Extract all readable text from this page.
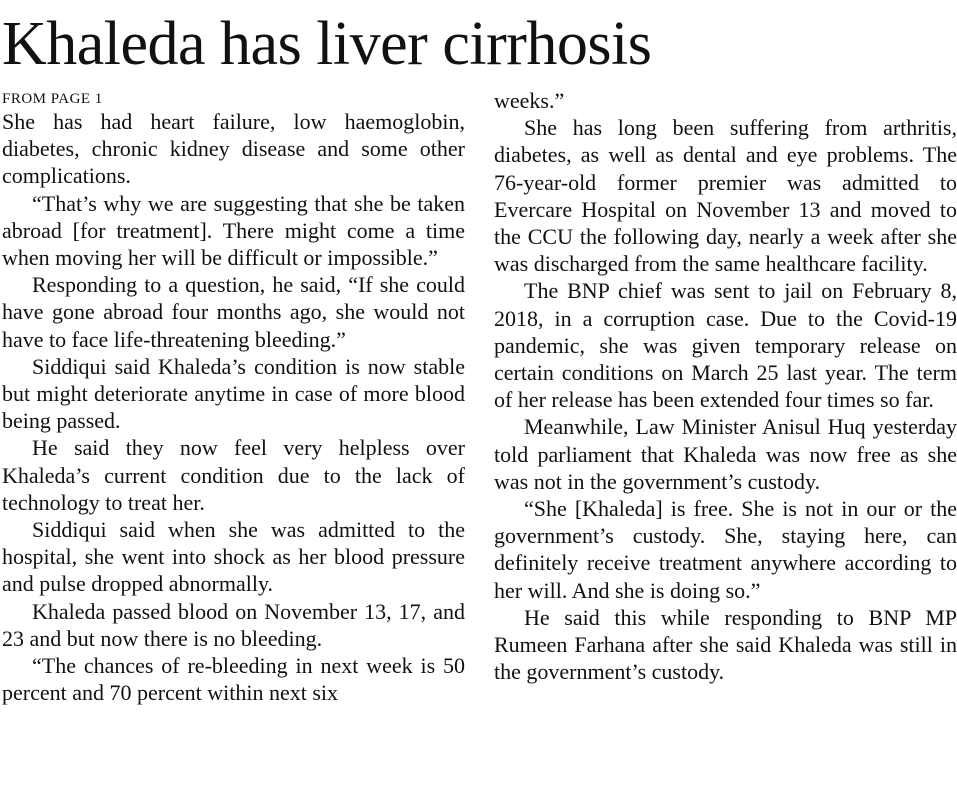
Khaleda has liver cirrhosis
FROM PAGE 1

She has had heart failure, low haemoglobin, diabetes, chronic kidney disease and some other complications.

“That’s why we are suggesting that she be taken abroad [for treatment]. There might come a time when moving her will be difficult or impossible.”

Responding to a question, he said, “If she could have gone abroad four months ago, she would not have to face life-threatening bleeding.”

Siddiqui said Khaleda’s condition is now stable but might deteriorate anytime in case of more blood being passed.

He said they now feel very helpless over Khaleda’s current condition due to the lack of technology to treat her.

Siddiqui said when she was admitted to the hospital, she went into shock as her blood pressure and pulse dropped abnormally.

Khaleda passed blood on November 13, 17, and 23 and but now there is no bleeding.

“The chances of re-bleeding in next week is 50 percent and 70 percent within next six

weeks.”

She has long been suffering from arthritis, diabetes, as well as dental and eye problems. The 76-year-old former premier was admitted to Evercare Hospital on November 13 and moved to the CCU the following day, nearly a week after she was discharged from the same healthcare facility.

The BNP chief was sent to jail on February 8, 2018, in a corruption case. Due to the Covid-19 pandemic, she was given temporary release on certain conditions on March 25 last year. The term of her release has been extended four times so far.

Meanwhile, Law Minister Anisul Huq yesterday told parliament that Khaleda was now free as she was not in the government’s custody.

“She [Khaleda] is free. She is not in our or the government’s custody. She, staying here, can definitely receive treatment anywhere according to her will. And she is doing so.”

He said this while responding to BNP MP Rumeen Farhana after she said Khaleda was still in the government’s custody.
